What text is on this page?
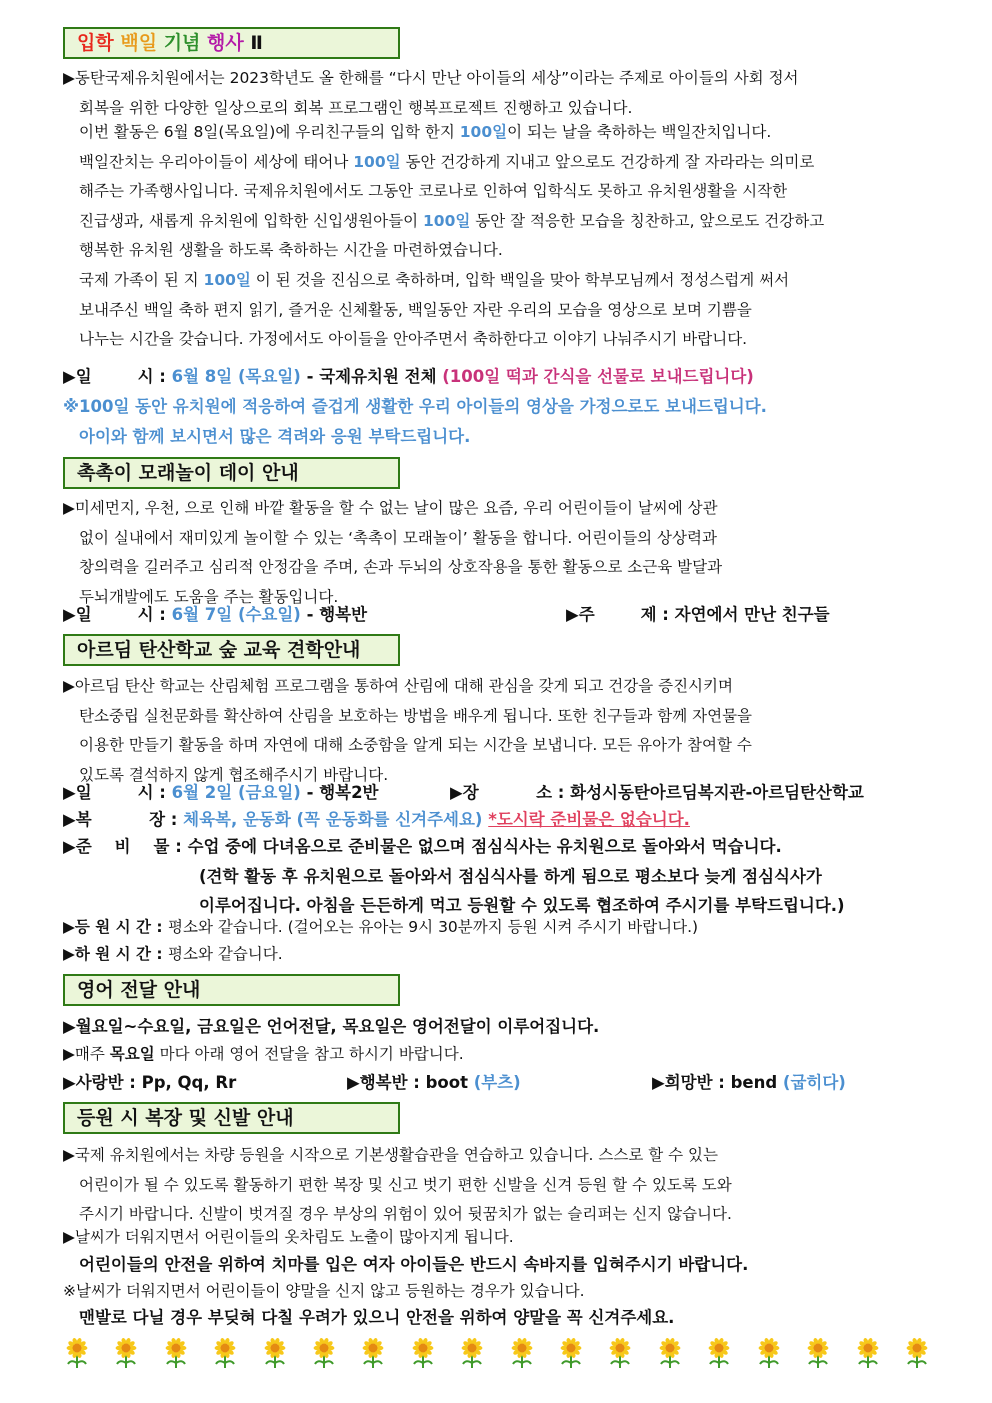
입학 백일 기념 행사 Ⅱ
▶동탄국제유치원에서는 2023학년도 올 한해를 “다시 만난 아이들의 세상”이라는 주제로 아이들의 사회 정서
회복을 위한 다양한 일상으로의 회복 프로그램인 행복프로젝트 진행하고 있습니다.
이번 활동은 6월 8일(목요일)에 우리친구들의 입학 한지 100일이 되는 날을 축하하는 백일잔치입니다.
백일잔치는 우리아이들이 세상에 태어나 100일 동안 건강하게 지내고 앞으로도 건강하게 잘 자라라는 의미로
해주는 가족행사입니다. 국제유치원에서도 그동안 코로나로 인하여 입학식도 못하고 유치원생활을 시작한
진급생과, 새롭게 유치원에 입학한 신입생원아들이 100일 동안 잘 적응한 모습을 칭찬하고, 앞으로도 건강하고
행복한 유치원 생활을 하도록 축하하는 시간을 마련하였습니다.
국제 가족이 된 지 100일 이 된 것을 진심으로 축하하며, 입학 백일을 맞아 학부모님께서 정성스럽게 써서
보내주신 백일 축하 편지 읽기, 즐거운 신체활동, 백일동안 자란 우리의 모습을 영상으로 보며 기쁨을
나누는 시간을 갖습니다. 가정에서도 아이들을 안아주면서 축하한다고 이야기 나눠주시기 바랍니다.
▶일        시 : 6월 8일 (목요일) - 국제유치원 전체 (100일 떡과 간식을 선물로 보내드립니다)
※100일 동안 유치원에 적응하여 즐겁게 생활한 우리 아이들의 영상을 가정으로도 보내드립니다.
아이와 함께 보시면서 많은 격려와 응원 부탁드립니다.
촉촉이 모래놀이 데이 안내
▶미세먼지, 우천, 으로 인해 바깥 활동을 할 수 없는 날이 많은 요즘, 우리 어린이들이 날씨에 상관
없이 실내에서 재미있게 놀이할 수 있는 ‘촉촉이 모래놀이’ 활동을 합니다. 어린이들의 상상력과
창의력을 길러주고 심리적 안정감을 주며, 손과 두뇌의 상호작용을 통한 활동으로 소근육 발달과
두뇌개발에도 도움을 주는 활동입니다.
▶일        시 : 6월 7일 (수요일) - 행복반	▶주        제 : 자연에서 만난 친구들
아르딤 탄산학교 숲 교육 견학안내
▶아르딤 탄산 학교는 산림체험 프로그램을 통하여 산림에 대해 관심을 갖게 되고 건강을 증진시키며
탄소중립 실천문화를 확산하여 산림을 보호하는 방법을 배우게 됩니다. 또한 친구들과 함께 자연물을
이용한 만들기 활동을 하며 자연에 대해 소중함을 알게 되는 시간을 보냅니다. 모든 유아가 참여할 수
있도록 결석하지 않게 협조해주시기 바랍니다.
▶일        시 : 6월 2일 (금요일) - 행복2반	▶장          소 : 화성시동탄아르딤복지관-아르딤탄산학교
▶복          장 : 체육복, 운동화 (꼭 운동화를 신겨주세요) *도시락 준비물은 없습니다.
▶준    비    물 : 수업 중에 다녀옴으로 준비물은 없으며 점심식사는 유치원으로 돌아와서 먹습니다.
(견학 활동 후 유치원으로 돌아와서 점심식사를 하게 됨으로 평소보다 늦게 점심식사가
이루어집니다. 아침을 든든하게 먹고 등원할 수 있도록 협조하여 주시기를 부탁드립니다.)
▶등 원 시 간 : 평소와 같습니다. (걸어오는 유아는 9시 30분까지 등원 시켜 주시기 바랍니다.)
▶하 원 시 간 : 평소와 같습니다.
영어 전달 안내
▶월요일~수요일, 금요일은 언어전달, 목요일은 영어전달이 이루어집니다.
▶매주 목요일 마다 아래 영어 전달을 참고 하시기 바랍니다.
▶사랑반 : Pp, Qq, Rr	▶행복반 : boot (부츠)	▶희망반 : bend (굽히다)
등원 시 복장 및 신발 안내
▶국제 유치원에서는 차량 등원을 시작으로 기본생활습관을 연습하고 있습니다. 스스로 할 수 있는
어린이가 될 수 있도록 활동하기 편한 복장 및 신고 벗기 편한 신발을 신겨 등원 할 수 있도록 도와
주시기 바랍니다. 신발이 벗겨질 경우 부상의 위험이 있어 뒷꿈치가 없는 슬리퍼는 신지 않습니다.
▶날씨가 더워지면서 어린이들의 옷차림도 노출이 많아지게 됩니다.
어린이들의 안전을 위하여 치마를 입은 여자 아이들은 반드시 속바지를 입혀주시기 바랍니다.
※날씨가 더워지면서 어린이들이 양말을 신지 않고 등원하는 경우가 있습니다.
맨발로 다닐 경우 부딪혀 다칠 우려가 있으니 안전을 위하여 양말을 꼭 신겨주세요.
